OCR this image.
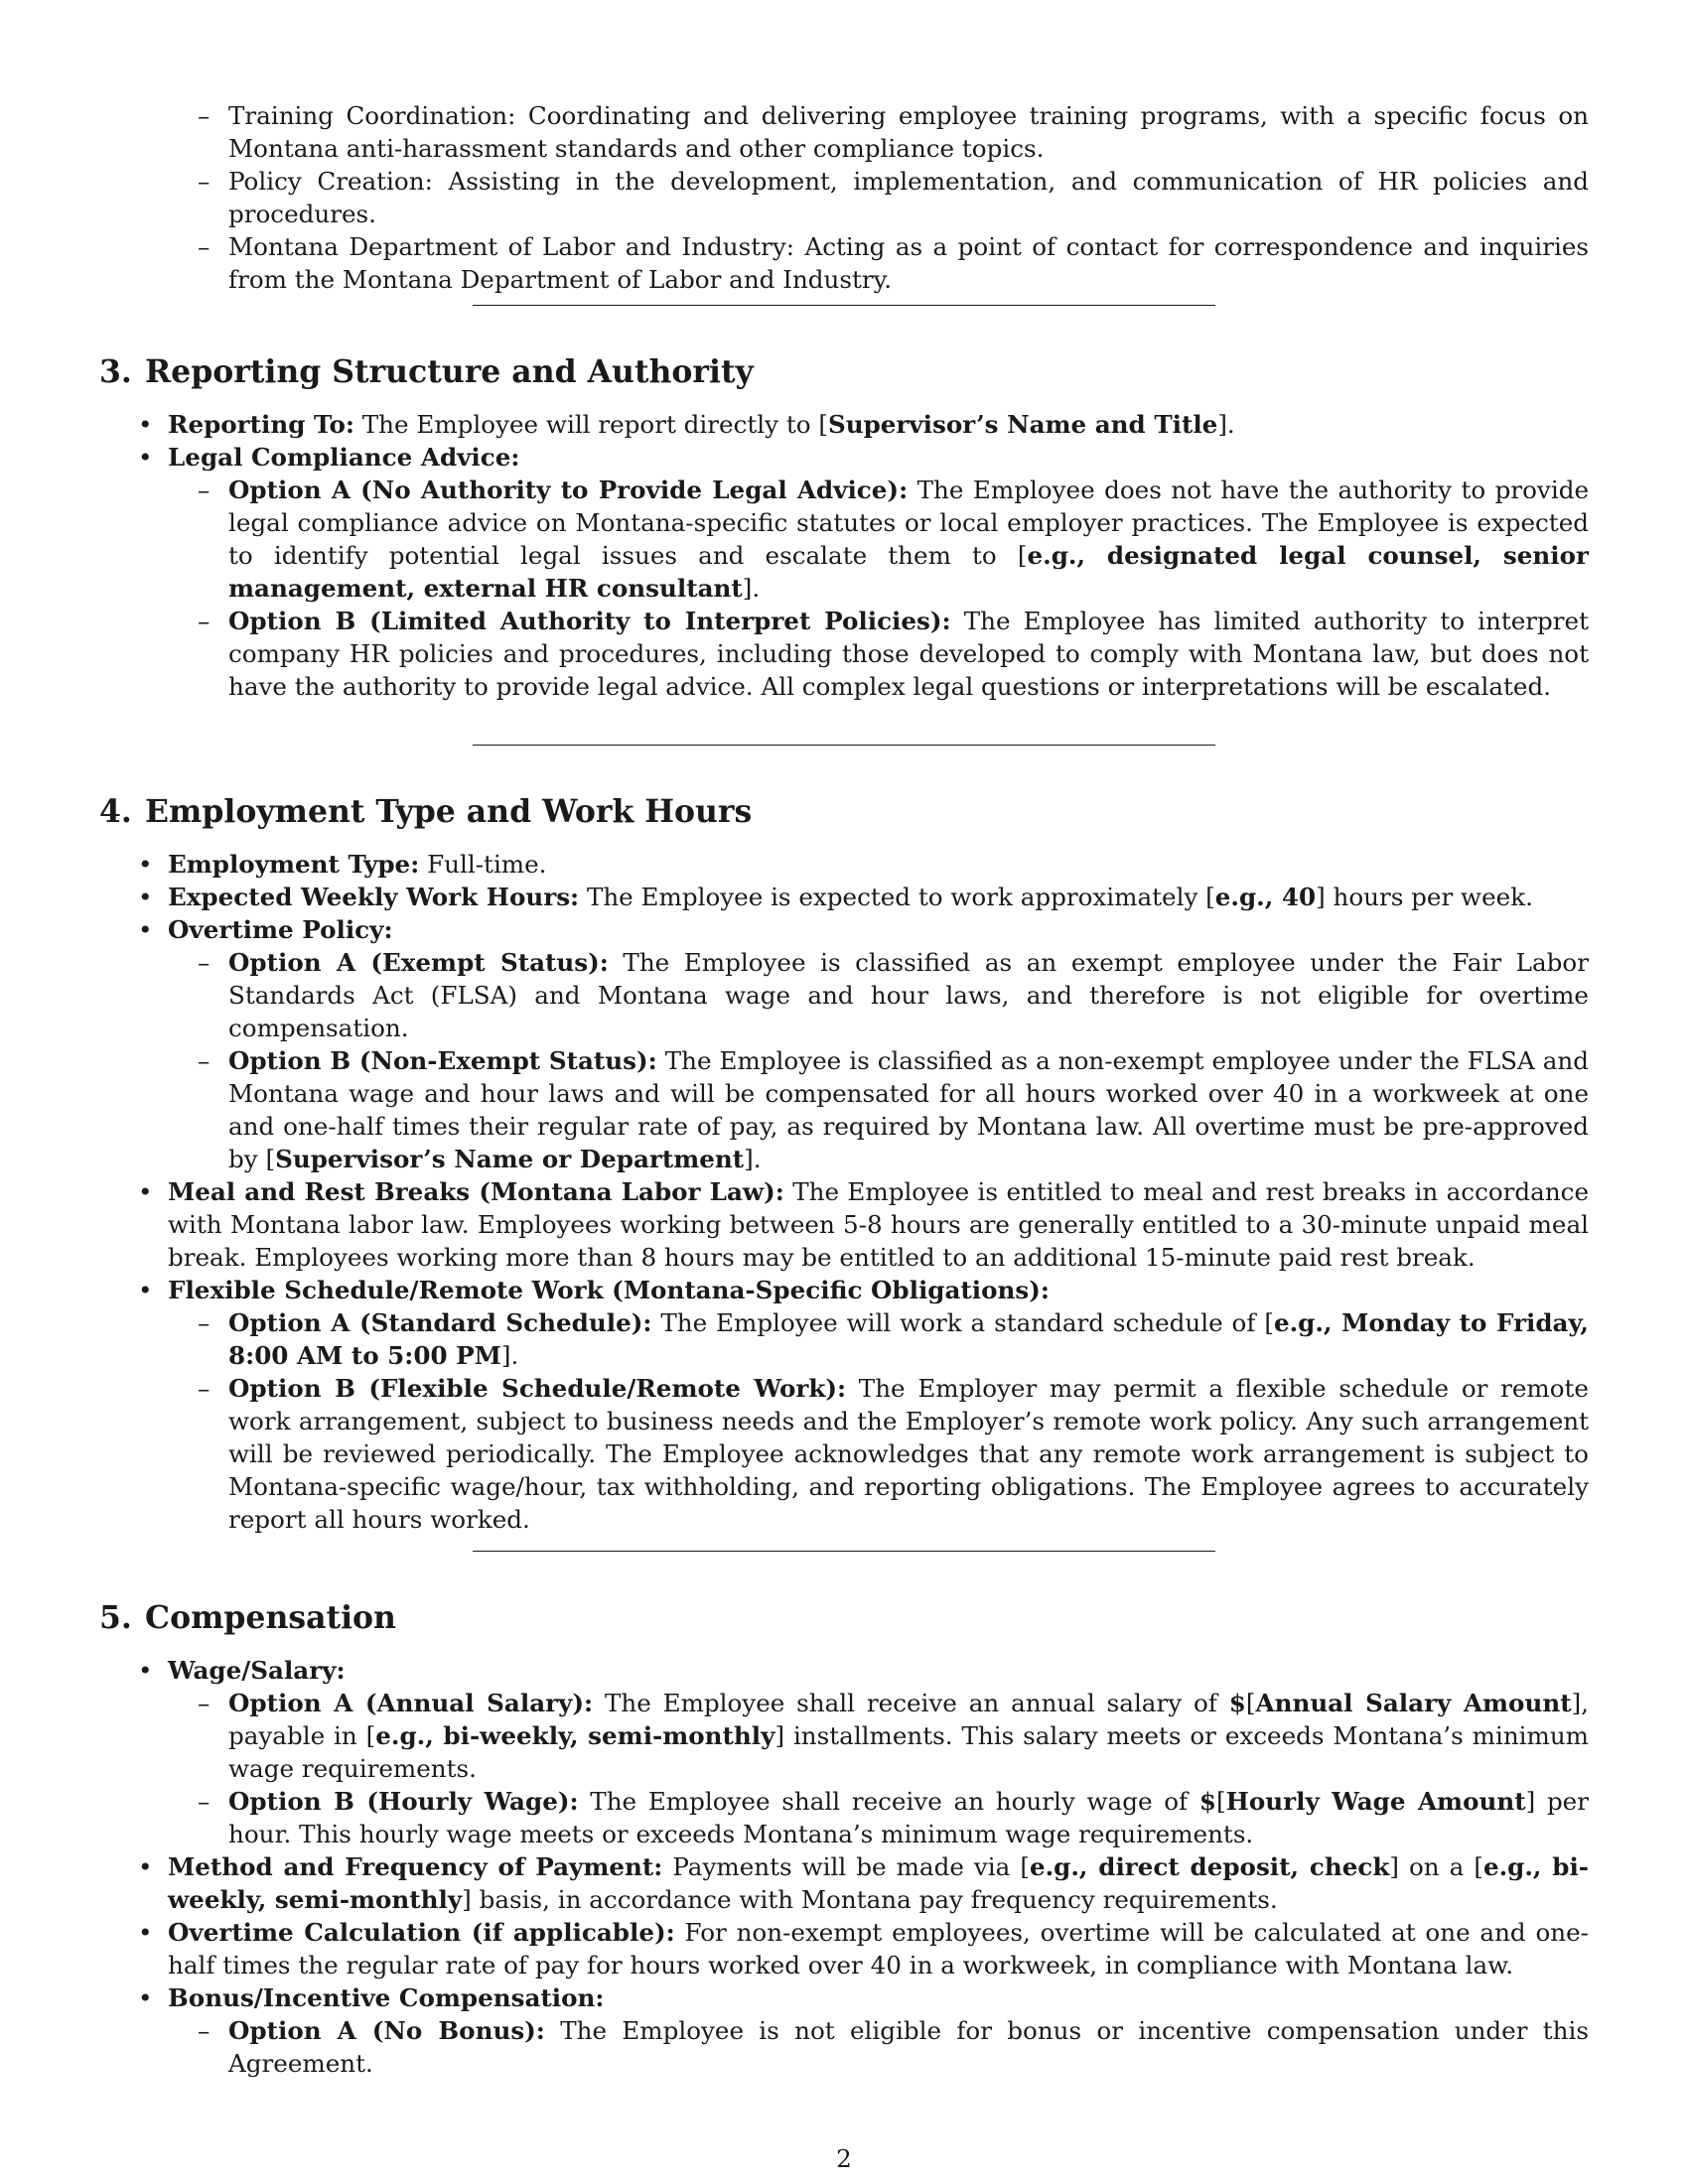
– Training Coordination: Coordinating and delivering employee training programs, with a specific focus on Montana anti-harassment standards and other compliance topics.
– Policy Creation: Assisting in the development, implementation, and communication of HR policies and procedures.
– Montana Department of Labor and Industry: Acting as a point of contact for correspondence and inquiries from the Montana Department of Labor and Industry.
3. Reporting Structure and Authority
• Reporting To: The Employee will report directly to [Supervisor’s Name and Title].
• Legal Compliance Advice:
– Option A (No Authority to Provide Legal Advice): The Employee does not have the authority to provide legal compliance advice on Montana-specific statutes or local employer practices. The Employee is expected to identify potential legal issues and escalate them to [e.g., designated legal counsel, senior management, external HR consultant].
– Option B (Limited Authority to Interpret Policies): The Employee has limited authority to interpret company HR policies and procedures, including those developed to comply with Montana law, but does not have the authority to provide legal advice. All complex legal questions or interpretations will be escalated.
4. Employment Type and Work Hours
• Employment Type: Full-time.
• Expected Weekly Work Hours: The Employee is expected to work approximately [e.g., 40] hours per week.
• Overtime Policy:
– Option A (Exempt Status): The Employee is classified as an exempt employee under the Fair Labor Standards Act (FLSA) and Montana wage and hour laws, and therefore is not eligible for overtime compensation.
– Option B (Non-Exempt Status): The Employee is classified as a non-exempt employee under the FLSA and Montana wage and hour laws and will be compensated for all hours worked over 40 in a workweek at one and one-half times their regular rate of pay, as required by Montana law. All overtime must be pre-approved by [Supervisor’s Name or Department].
• Meal and Rest Breaks (Montana Labor Law): The Employee is entitled to meal and rest breaks in accordance with Montana labor law. Employees working between 5-8 hours are generally entitled to a 30-minute unpaid meal break. Employees working more than 8 hours may be entitled to an additional 15-minute paid rest break.
• Flexible Schedule/Remote Work (Montana-Specific Obligations):
– Option A (Standard Schedule): The Employee will work a standard schedule of [e.g., Monday to Friday, 8:00 AM to 5:00 PM].
– Option B (Flexible Schedule/Remote Work): The Employer may permit a flexible schedule or remote work arrangement, subject to business needs and the Employer’s remote work policy. Any such arrangement will be reviewed periodically. The Employee acknowledges that any remote work arrangement is subject to Montana-specific wage/hour, tax withholding, and reporting obligations. The Employee agrees to accurately report all hours worked.
5. Compensation
• Wage/Salary:
– Option A (Annual Salary): The Employee shall receive an annual salary of $[Annual Salary Amount], payable in [e.g., bi-weekly, semi-monthly] installments. This salary meets or exceeds Montana’s minimum wage requirements.
– Option B (Hourly Wage): The Employee shall receive an hourly wage of $[Hourly Wage Amount] per hour. This hourly wage meets or exceeds Montana’s minimum wage requirements.
• Method and Frequency of Payment: Payments will be made via [e.g., direct deposit, check] on a [e.g., bi-weekly, semi-monthly] basis, in accordance with Montana pay frequency requirements.
• Overtime Calculation (if applicable): For non-exempt employees, overtime will be calculated at one and one-half times the regular rate of pay for hours worked over 40 in a workweek, in compliance with Montana law.
• Bonus/Incentive Compensation:
– Option A (No Bonus): The Employee is not eligible for bonus or incentive compensation under this Agreement.
2
